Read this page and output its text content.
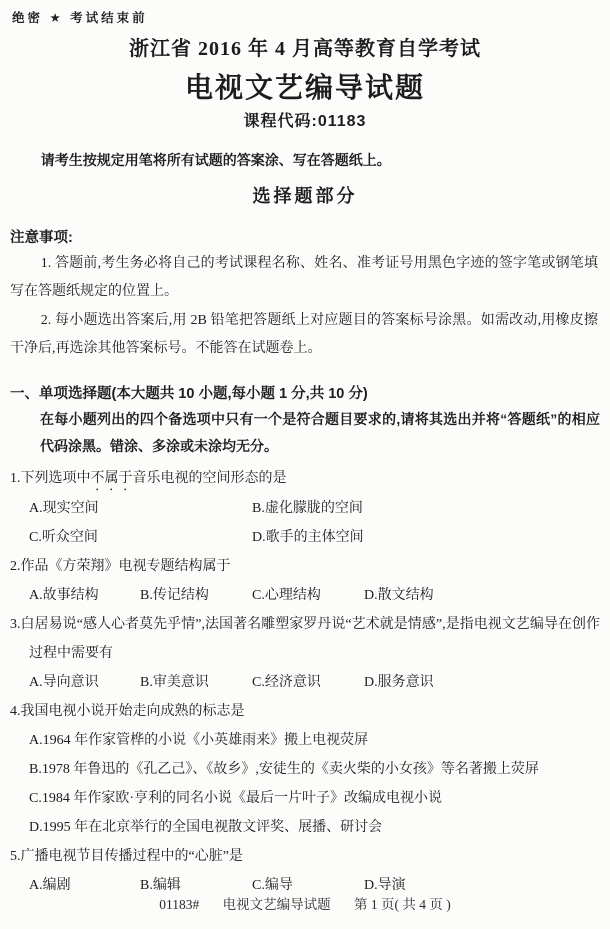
绝密 ★ 考试结束前
浙江省 2016 年 4 月高等教育自学考试
电视文艺编导试题
课程代码:01183

请考生按规定用笔将所有试题的答案涂、写在答题纸上。

选择题部分
注意事项:

1. 答题前,考生务必将自己的考试课程名称、姓名、准考证号用黑色字迹的签字笔或钢笔填写在答题纸规定的位置上。

2. 每小题选出答案后,用 2B 铅笔把答题纸上对应题目的答案标号涂黑。如需改动,用橡皮擦干净后,再选涂其他答案标号。不能答在试题卷上。

一、单项选择题(本大题共 10 小题,每小题 1 分,共 10 分)
在每小题列出的四个备选项中只有一个是符合题目要求的,请将其选出并将“答题纸”的相应代码涂黑。错涂、多涂或未涂均无分。
1.下列选项中不属于音乐电视的空间形态的是
A.现实空间	B.虚化朦胧的空间
C.听众空间	D.歌手的主体空间
2.作品《方荣翔》电视专题结构属于
A.故事结构	B.传记结构	C.心理结构	D.散文结构
3.白居易说“感人心者莫先乎情”,法国著名雕塑家罗丹说“艺术就是情感”,是指电视文艺编导在创作过程中需要有
A.导向意识	B.审美意识	C.经济意识	D.服务意识
4.我国电视小说开始走向成熟的标志是
A.1964 年作家管桦的小说《小英雄雨来》搬上电视荧屏
B.1978 年鲁迅的《孔乙己》、《故乡》,安徒生的《卖火柴的小女孩》等名著搬上荧屏
C.1984 年作家欧·亨利的同名小说《最后一片叶子》改编成电视小说
D.1995 年在北京举行的全国电视散文评奖、展播、研讨会
5.广播电视节目传播过程中的“心脏”是
A.编剧	B.编辑	C.编导	D.导演
01183# 电视文艺编导试题 第 1 页( 共 4 页 )
